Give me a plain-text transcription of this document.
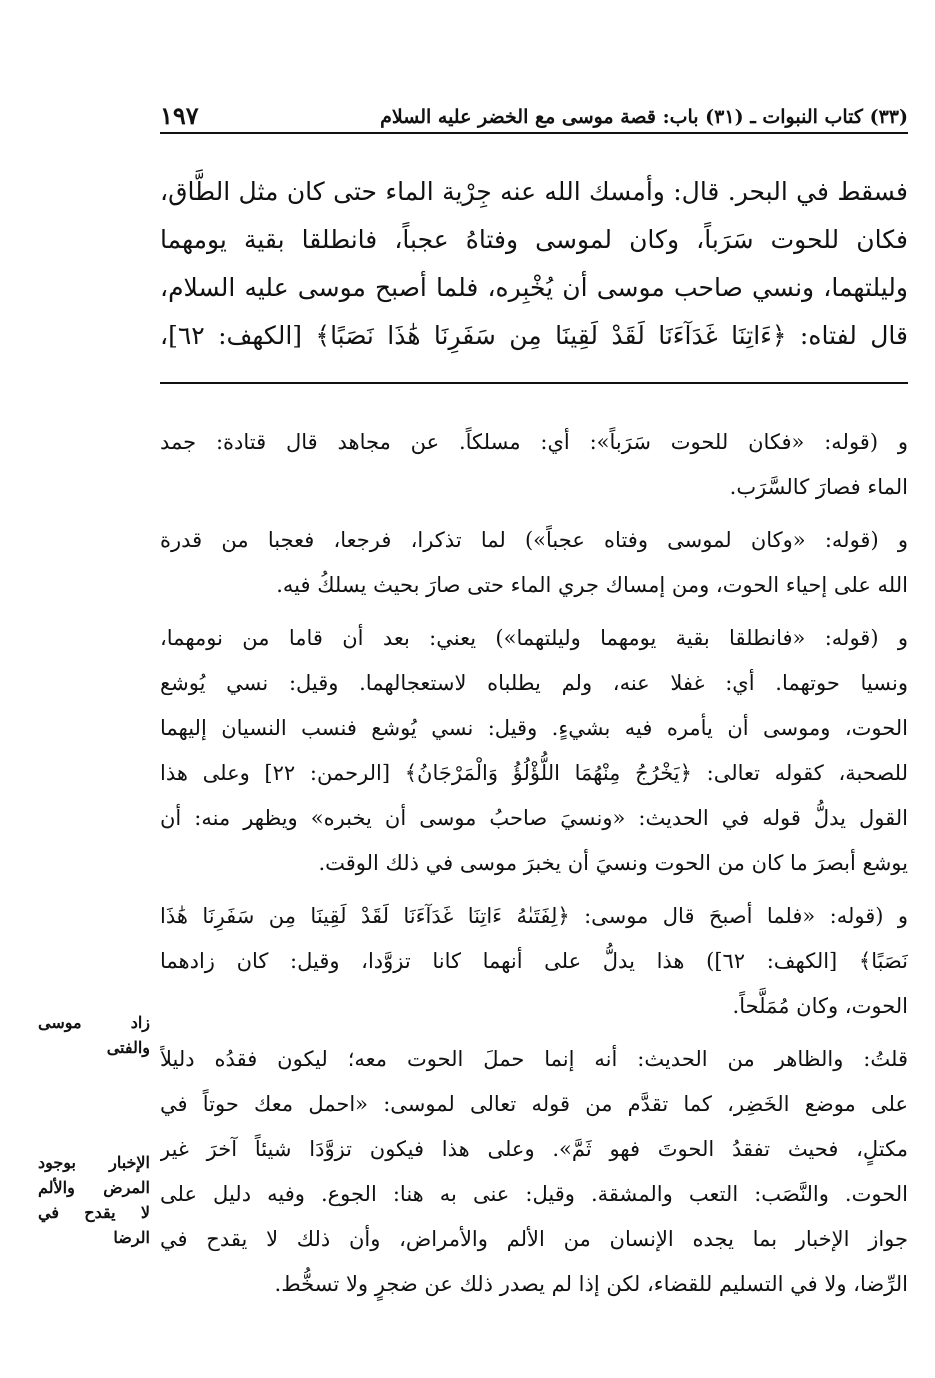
(٣٣) كتاب النبوات ـ (٣١) باب: قصة موسى مع الخضر عليه السلام
١٩٧
فسقط في البحر. قال: وأمسك الله عنه جِرْية الماء حتى كان مثل الطَّاق،
فكان للحوت سَرَباً، وكان لموسى وفتاهُ عجباً، فانطلقا بقية يومهما
وليلتهما، ونسي صاحب موسى أن يُخْبِره، فلما أصبح موسى عليه السلام،
قال لفتاه: ﴿ءَاتِنَا غَدَآءَنَا لَقَدْ لَقِينَا مِن سَفَرِنَا هَٰذَا نَصَبًا﴾ [الكهف: ٦٢]،
و (قوله: «فكان للحوت سَرَباً»: أي: مسلكاً. عن مجاهد قال قتادة: جمد
الماء فصارَ كالسَّرَب.
و (قوله: «وكان لموسى وفتاه عجباً») لما تذكرا، فرجعا، فعجبا من قدرة
الله على إحياء الحوت، ومن إمساك جري الماء حتى صارَ بحيث يسلكُ فيه.
و (قوله: «فانطلقا بقية يومهما وليلتهما») يعني: بعد أن قاما من نومهما،
ونسيا حوتهما. أي: غفلا عنه، ولم يطلباه لاستعجالهما. وقيل: نسي يُوشع
الحوت، وموسى أن يأمره فيه بشيءٍ. وقيل: نسي يُوشع فنسب النسيان إليهما
للصحبة، كقوله تعالى: ﴿يَخْرُجُ مِنْهُمَا اللُّؤْلُؤُ وَالْمَرْجَانُ﴾ [الرحمن: ٢٢] وعلى هذا
القول يدلُّ قوله في الحديث: «ونسيَ صاحبُ موسى أن يخبره» ويظهر منه: أن
يوشع أبصرَ ما كان من الحوت ونسيَ أن يخبرَ موسى في ذلك الوقت.
و (قوله: «فلما أصبحَ قال موسى: ﴿لِفَتَىٰهُ ءَاتِنَا غَدَآءَنَا لَقَدْ لَقِينَا مِن سَفَرِنَا هَٰذَا
نَصَبًا﴾ [الكهف: ٦٢]) هذا يدلُّ على أنهما كانا تزوَّدا، وقيل: كان زادهما
الحوت، وكان مُمَلَّحاً.
قلتُ: والظاهر من الحديث: أنه إنما حملَ الحوت معه؛ ليكون فقدُه دليلاً
على موضع الخَضِر، كما تقدَّم من قوله تعالى لموسى: «احمل معك حوتاً في
مكتلٍ، فحيث تفقدُ الحوتَ فهو ثَمَّ». وعلى هذا فيكون تزوَّدَا شيئاً آخرَ غير
الحوت. والنَّصَب: التعب والمشقة. وقيل: عنى به هنا: الجوع. وفيه دليل على
جواز الإخبار بما يجده الإنسان من الألم والأمراض، وأن ذلك لا يقدح في
الرِّضا، ولا في التسليم للقضاء، لكن إذا لم يصدر ذلك عن ضجرٍ ولا تسخُّط.
زاد موسى
والفتى
الإخبار بوجود
المرض والألم
لا يقدح في
الرضا
